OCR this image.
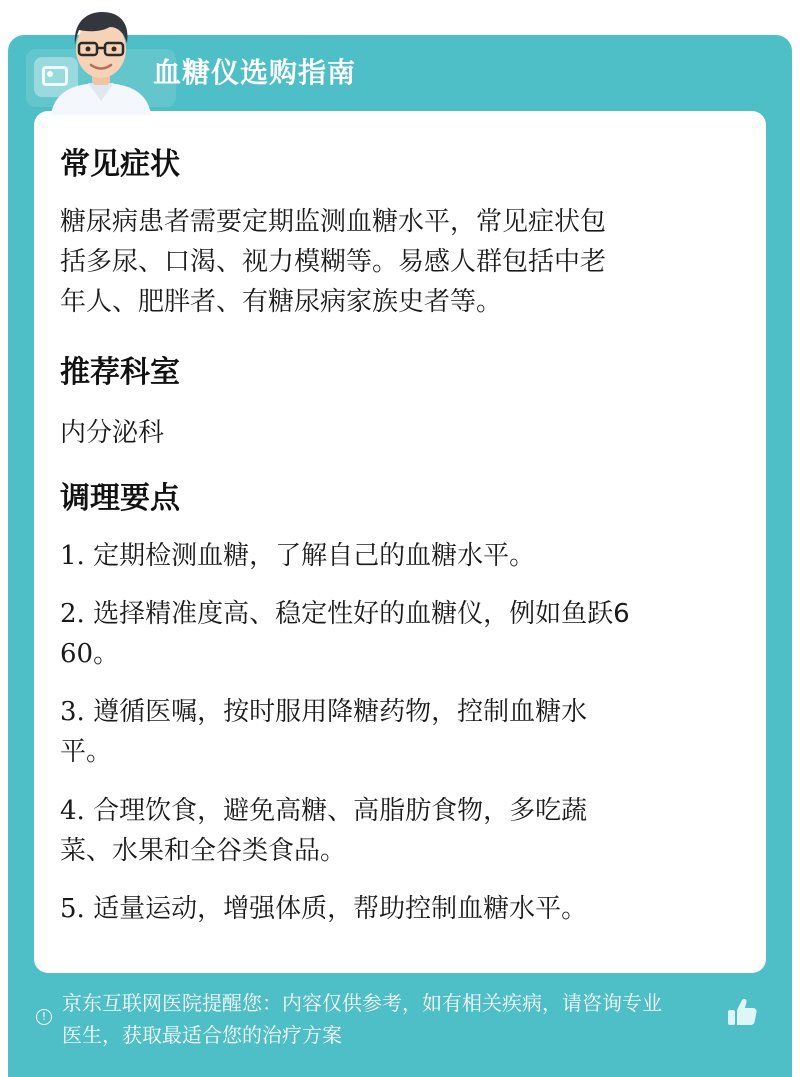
血糖仪选购指南
常见症状
糖尿病患者需要定期监测血糖水平，常见症状包
括多尿、口渴、视力模糊等。易感人群包括中老
年人、肥胖者、有糖尿病家族史者等。
推荐科室
内分泌科
调理要点
1. 定期检测血糖，了解自己的血糖水平。
2. 选择精准度高、稳定性好的血糖仪，例如鱼跃6
60。
3. 遵循医嘱，按时服用降糖药物，控制血糖水
平。
4. 合理饮食，避免高糖、高脂肪食物，多吃蔬
菜、水果和全谷类食品。
5. 适量运动，增强体质，帮助控制血糖水平。
!
京东互联网医院提醒您：内容仅供参考，如有相关疾病，请咨询专业
医生，获取最适合您的治疗方案
